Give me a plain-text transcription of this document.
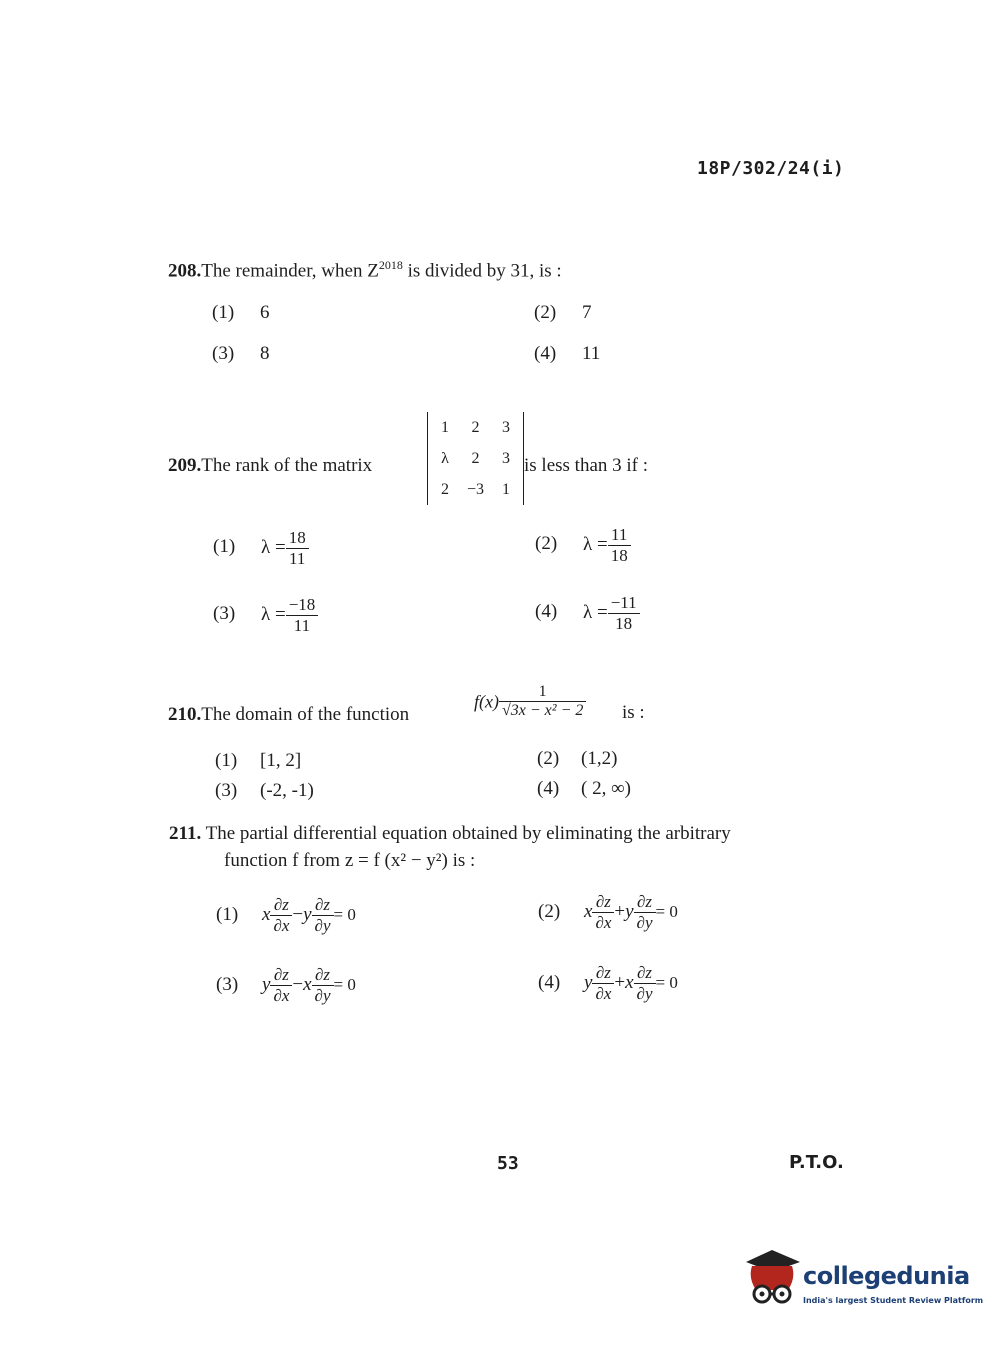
18P/302/24(i)
208.The remainder, when $Z^{2018}$ is divided by 31, is :
(1) 6	(2) 7
(3) 8	(4) 11
209.The rank of the matrix
1	2	3
λ	2	3
2	−3	1
is less than 3 if :
(1) $\lambda = \frac{18}{11}$	(2) $\lambda = \frac{11}{18}$
(3) $\lambda = \frac{-18}{11}$	(4) $\lambda = \frac{-11}{18}$
210.The domain of the function
$f(x) \frac{1}{\text{√3x − x² − 2}}$ is :
(1) [1, 2]	(2) (1,2)
(3) (-2, -1)	(4) ( 2, ∞)
211. The partial differential equation obtained by eliminating the arbitrary
function f from z = f (x² − y²) is :
(1) x $\frac{\partial z}{\partial x} -y \frac{\partial z}{\partial y} = 0$	(2) x $\frac{\partial z}{\partial x} +y \frac{\partial z}{\partial y} = 0$
(3) y $\frac{\partial z}{\partial x} -x \frac{\partial z}{\partial y} = 0$	(4) y $\frac{\partial z}{\partial x} +x \frac{\partial z}{\partial y} = 0$
53	P.T.O.
collegedunia
India's largest Student Review Platform
